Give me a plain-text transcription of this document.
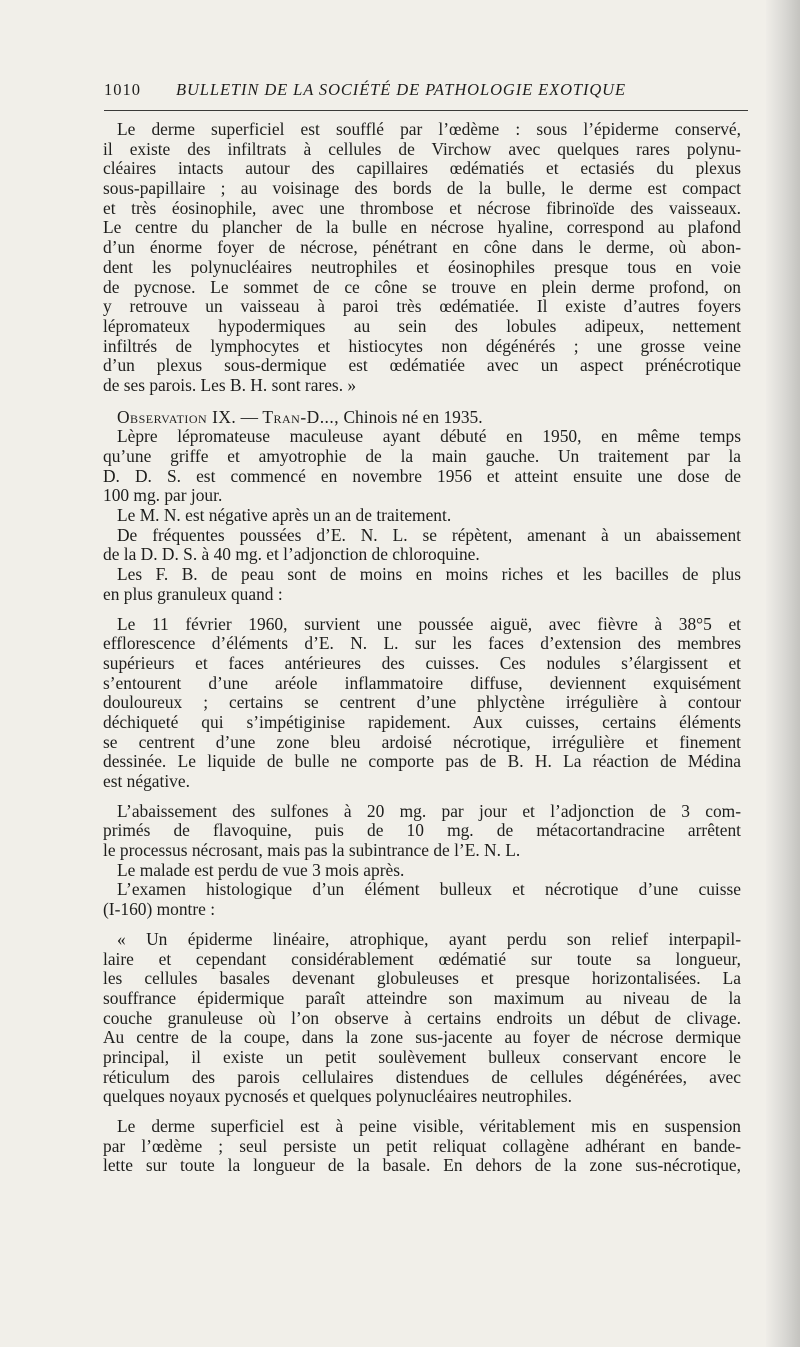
1010 BULLETIN DE LA SOCIÉTÉ DE PATHOLOGIE EXOTIQUE
Le derme superficiel est soufflé par l’œdème : sous l’épiderme conservé,
il existe des infiltrats à cellules de Virchow avec quelques rares polynu-
cléaires intacts autour des capillaires œdématiés et ectasiés du plexus
sous-papillaire ; au voisinage des bords de la bulle, le derme est compact
et très éosinophile, avec une thrombose et nécrose fibrinoïde des vaisseaux.
Le centre du plancher de la bulle en nécrose hyaline, correspond au plafond
d’un énorme foyer de nécrose, pénétrant en cône dans le derme, où abon-
dent les polynucléaires neutrophiles et éosinophiles presque tous en voie
de pycnose. Le sommet de ce cône se trouve en plein derme profond, on
y retrouve un vaisseau à paroi très œdématiée. Il existe d’autres foyers
lépromateux hypodermiques au sein des lobules adipeux, nettement
infiltrés de lymphocytes et histiocytes non dégénérés ; une grosse veine
d’un plexus sous-dermique est œdématiée avec un aspect prénécrotique
de ses parois. Les B. H. sont rares. »
Observation IX. — Tran-D..., Chinois né en 1935.
Lèpre lépromateuse maculeuse ayant débuté en 1950, en même temps
qu’une griffe et amyotrophie de la main gauche. Un traitement par la
D. D. S. est commencé en novembre 1956 et atteint ensuite une dose de
100 mg. par jour.
Le M. N. est négative après un an de traitement.
De fréquentes poussées d’E. N. L. se répètent, amenant à un abaissement
de la D. D. S. à 40 mg. et l’adjonction de chloroquine.
Les F. B. de peau sont de moins en moins riches et les bacilles de plus
en plus granuleux quand :
Le 11 février 1960, survient une poussée aiguë, avec fièvre à 38°5 et
efflorescence d’éléments d’E. N. L. sur les faces d’extension des membres
supérieurs et faces antérieures des cuisses. Ces nodules s’élargissent et
s’entourent d’une aréole inflammatoire diffuse, deviennent exquisément
douloureux ; certains se centrent d’une phlyctène irrégulière à contour
déchiqueté qui s’impétiginise rapidement. Aux cuisses, certains éléments
se centrent d’une zone bleu ardoisé nécrotique, irrégulière et finement
dessinée. Le liquide de bulle ne comporte pas de B. H. La réaction de Médina
est négative.
L’abaissement des sulfones à 20 mg. par jour et l’adjonction de 3 com-
primés de flavoquine, puis de 10 mg. de métacortandracine arrêtent
le processus nécrosant, mais pas la subintrance de l’E. N. L.
Le malade est perdu de vue 3 mois après.
L’examen histologique d’un élément bulleux et nécrotique d’une cuisse
(I-160) montre :
« Un épiderme linéaire, atrophique, ayant perdu son relief interpapil-
laire et cependant considérablement œdématié sur toute sa longueur,
les cellules basales devenant globuleuses et presque horizontalisées. La
souffrance épidermique paraît atteindre son maximum au niveau de la
couche granuleuse où l’on observe à certains endroits un début de clivage.
Au centre de la coupe, dans la zone sus-jacente au foyer de nécrose dermique
principal, il existe un petit soulèvement bulleux conservant encore le
réticulum des parois cellulaires distendues de cellules dégénérées, avec
quelques noyaux pycnosés et quelques polynucléaires neutrophiles.
Le derme superficiel est à peine visible, véritablement mis en suspension
par l’œdème ; seul persiste un petit reliquat collagène adhérant en bande-
lette sur toute la longueur de la basale. En dehors de la zone sus-nécrotique,
